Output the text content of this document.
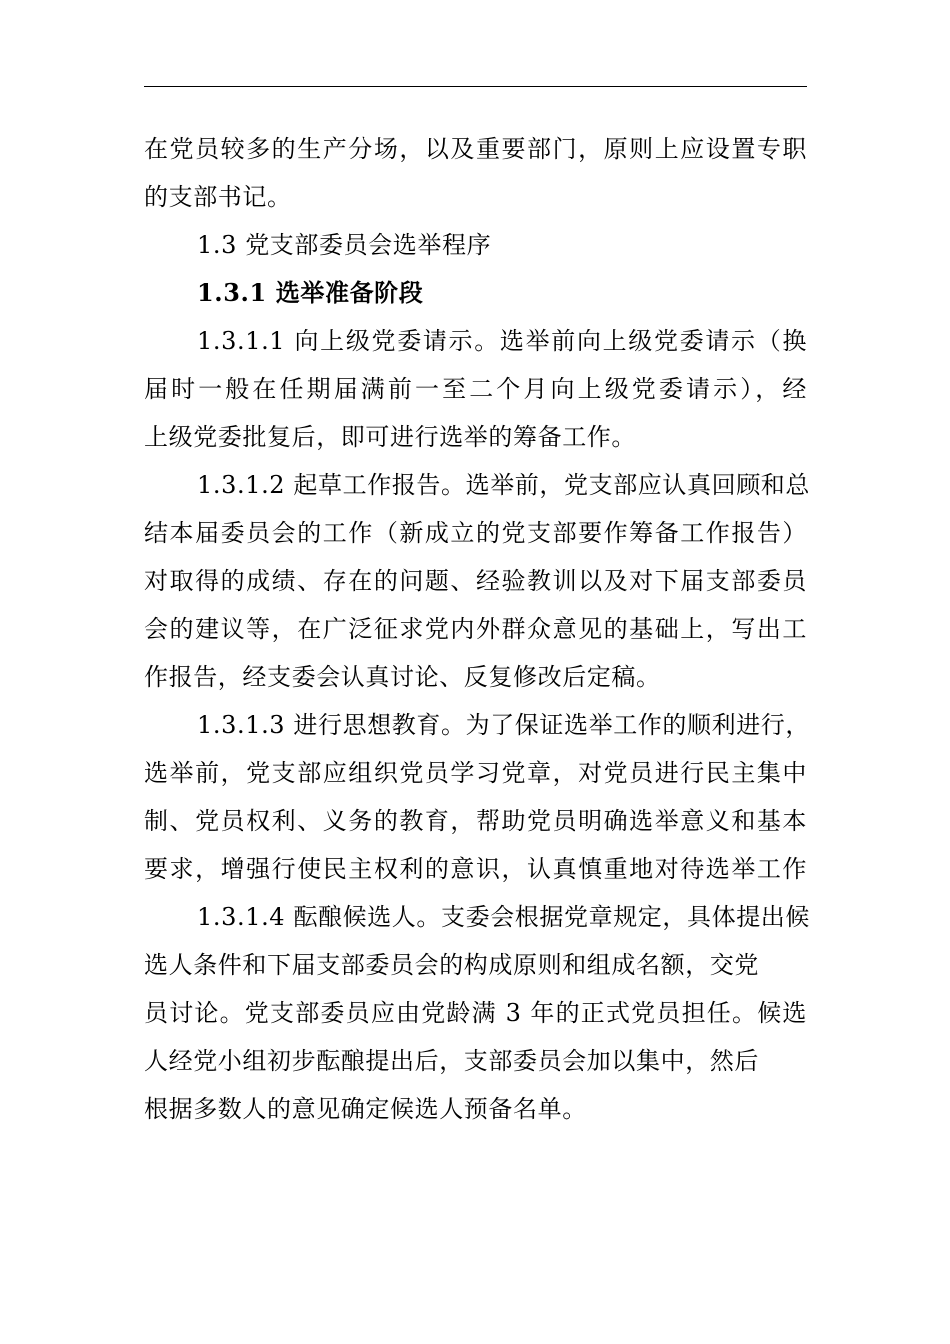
在党员较多的生产分场，以及重要部门，原则上应设置专职
的支部书记。
1.3 党支部委员会选举程序
1.3.1 选举准备阶段
1.3.1.1 向上级党委请示。选举前向上级党委请示（换
届时一般在任期届满前一至二个月向上级党委请示），经
上级党委批复后，即可进行选举的筹备工作。
1.3.1.2 起草工作报告。选举前，党支部应认真回顾和总
结本届委员会的工作（新成立的党支部要作筹备工作报告）
对取得的成绩、存在的问题、经验教训以及对下届支部委员
会的建议等，在广泛征求党内外群众意见的基础上，写出工
作报告，经支委会认真讨论、反复修改后定稿。
1.3.1.3 进行思想教育。为了保证选举工作的顺利进行，
选举前，党支部应组织党员学习党章，对党员进行民主集中
制、党员权利、义务的教育，帮助党员明确选举意义和基本
要求，增强行使民主权利的意识，认真慎重地对待选举工作
1.3.1.4 酝酿候选人。支委会根据党章规定，具体提出候
选人条件和下届支部委员会的构成原则和组成名额，交党
员讨论。党支部委员应由党龄满 3 年的正式党员担任。候选
人经党小组初步酝酿提出后，支部委员会加以集中，然后
根据多数人的意见确定候选人预备名单。
